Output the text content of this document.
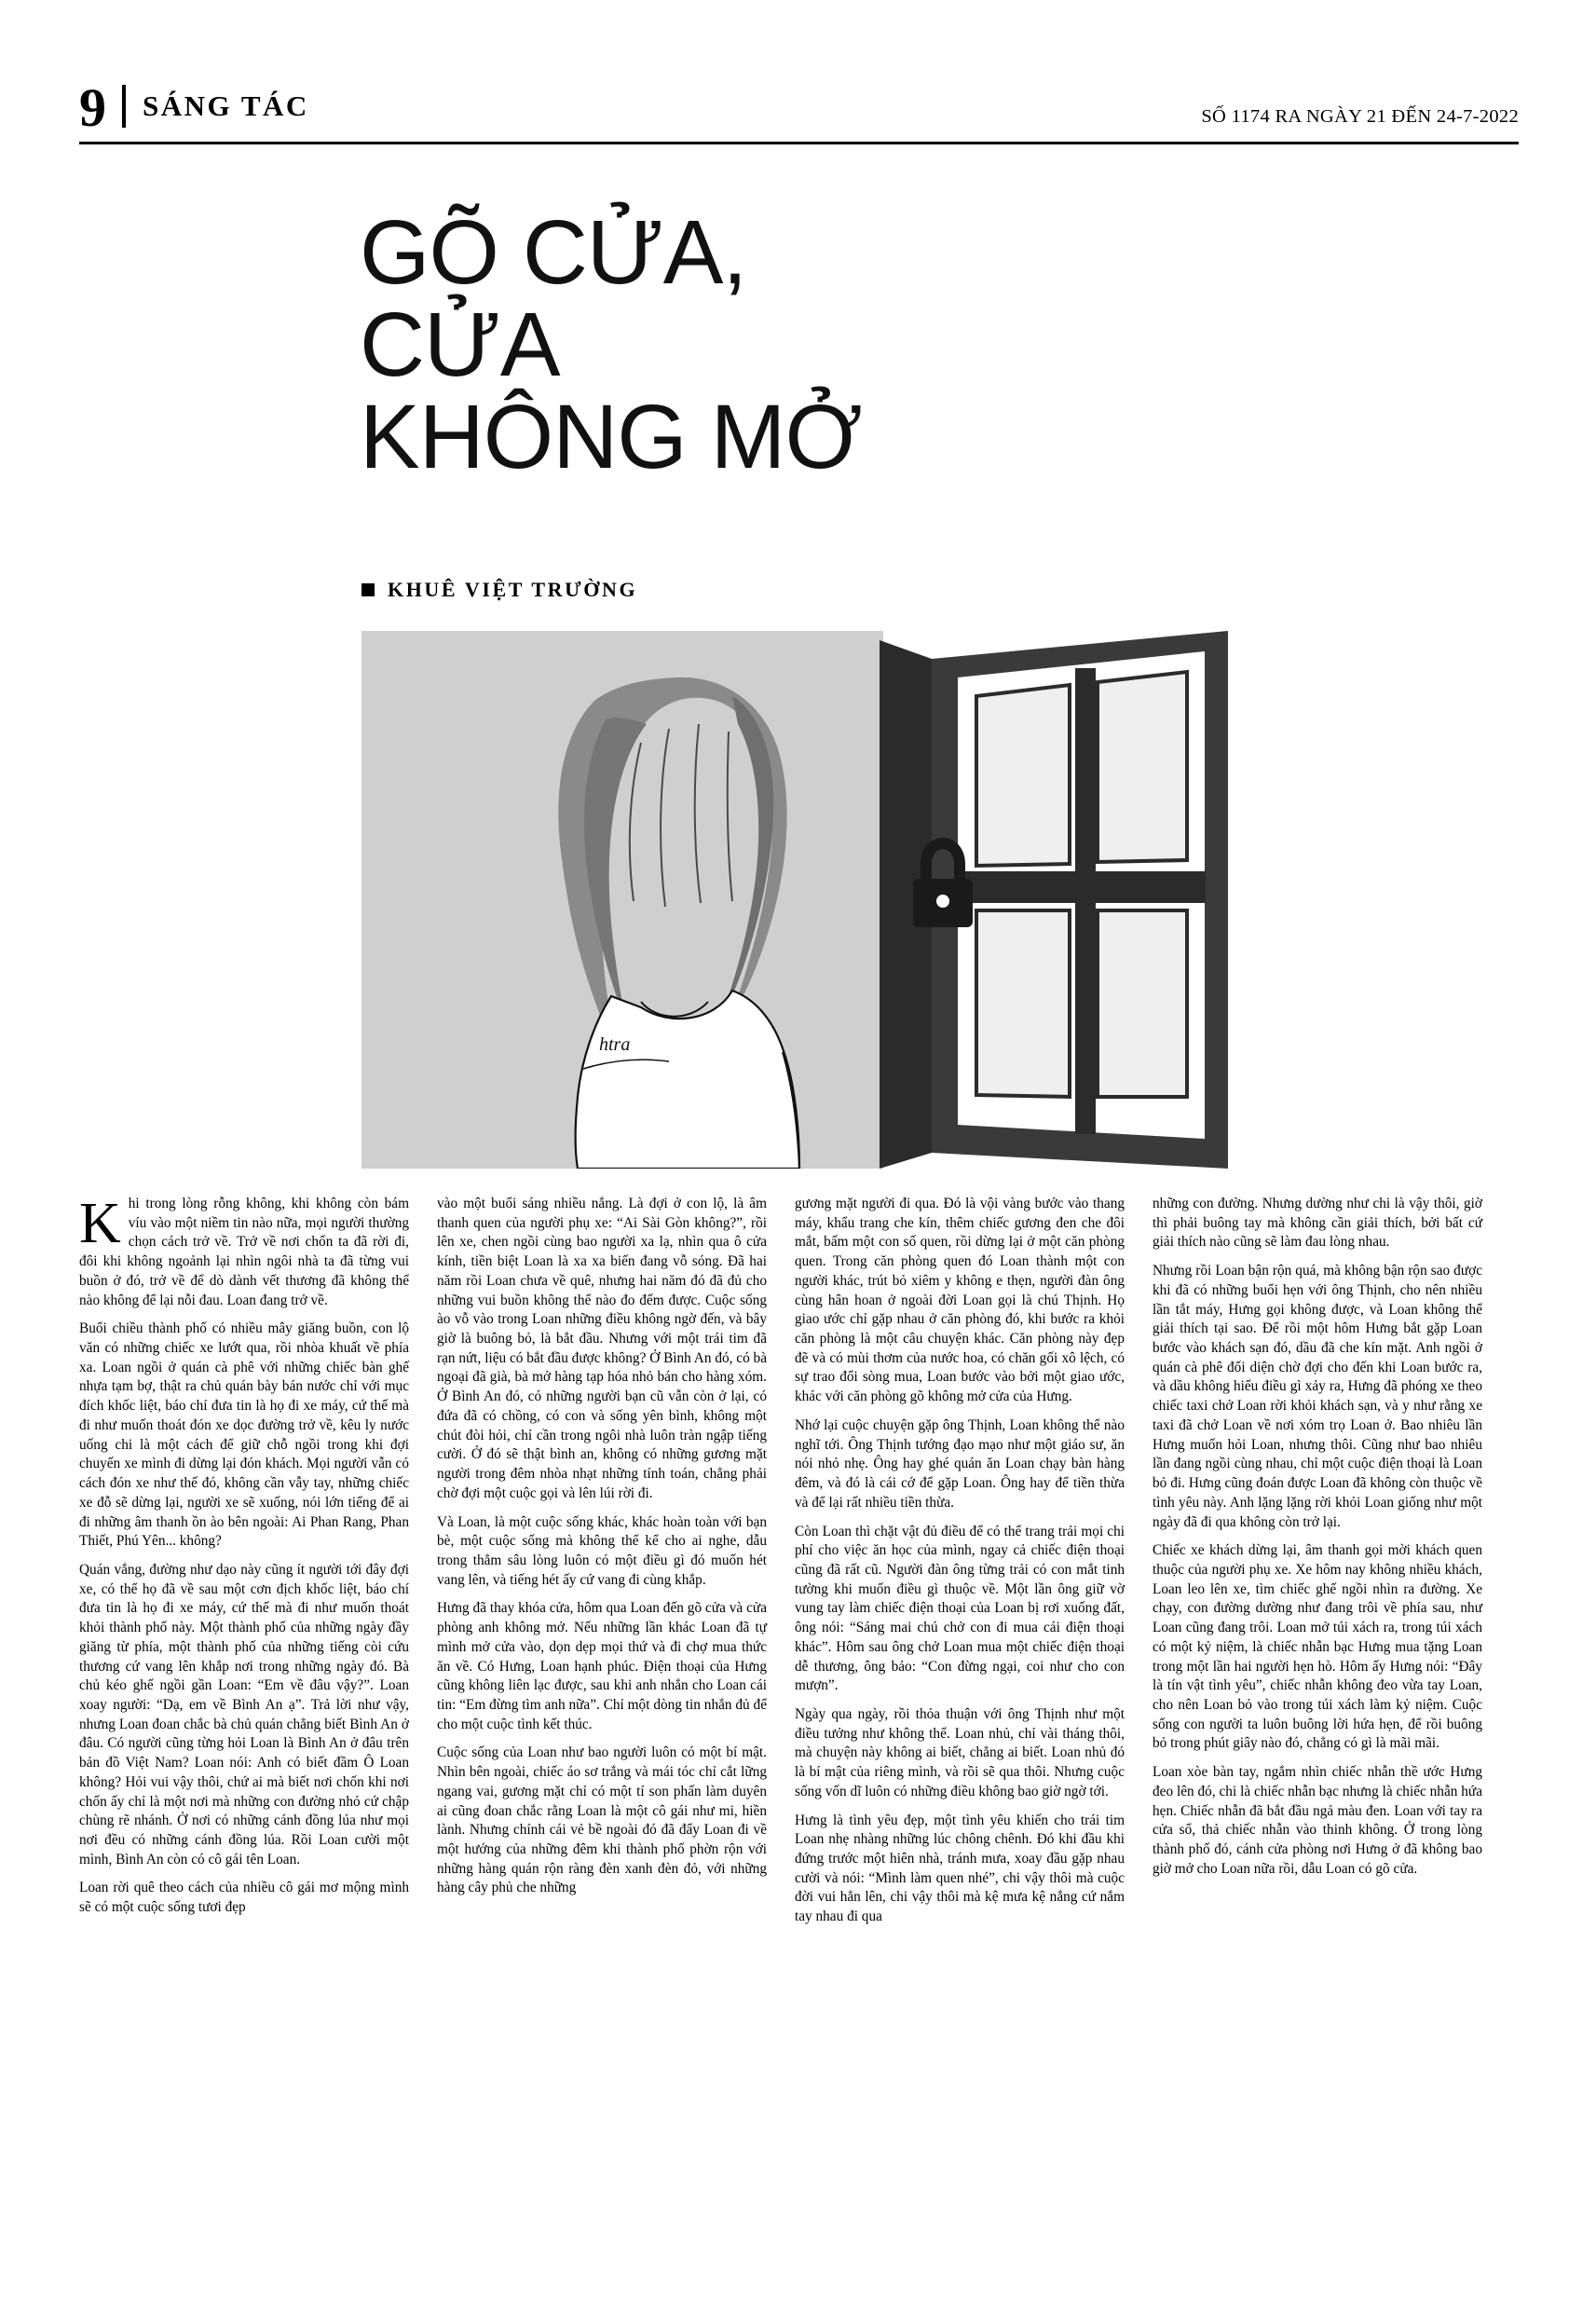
9 SÁNG TÁC	SỐ 1174 RA NGÀY 21 ĐẾN 24-7-2022
GÕ CỬA,
CỬA
KHÔNG MỞ
KHUÊ VIỆT TRƯỜNG
htra

Khi trong lòng rỗng không, khi không còn bám víu vào một niềm tin nào nữa, mọi người thường chọn cách trở về. Trở về nơi chốn ta đã rời đi, đôi khi không ngoảnh lại nhìn ngôi nhà ta đã từng vui buồn ở đó, trở về để dò dành vết thương đã không thể nào không để lại nỗi đau. Loan đang trở về.

Buổi chiều thành phố có nhiều mây giăng buồn, con lộ văn có những chiếc xe lướt qua, rồi nhòa khuất về phía xa. Loan ngồi ở quán cà phê với những chiếc bàn ghế nhựa tạm bợ, thật ra chủ quán bày bán nước chỉ với mục đích khốc liệt, báo chí đưa tin là họ đi xe máy, cứ thế mà đi như muốn thoát đón xe dọc đường trở về, kêu ly nước uống chi là một cách để giữ chỗ ngồi trong khi đợi chuyến xe mình đi dừng lại đón khách. Mọi người vẫn có cách đón xe như thế đó, không cần vẫy tay, những chiếc xe đỗ sẽ dừng lại, người xe sẽ xuống, nói lớn tiếng để ai đi những âm thanh ồn ào bên ngoài: Ai Phan Rang, Phan Thiết, Phú Yên... không?

Quán vắng, đường như dạo này cũng ít người tới đây đợi xe, có thể họ đã về sau một cơn địch khốc liệt, báo chí đưa tin là họ đi xe máy, cứ thế mà đi như muốn thoát khỏi thành phố này. Một thành phố của những ngày đầy giăng từ phía, một thành phố của những tiếng còi cứu thương cứ vang lên khắp nơi trong những ngày đó. Bà chủ kéo ghế ngồi gần Loan: “Em về đâu vậy?”. Loan xoay người: “Dạ, em về Bình An ạ”. Trả lời như vậy, nhưng Loan đoan chắc bà chủ quán chẳng biết Bình An ở đâu. Có người cũng từng hỏi Loan là Bình An ở đâu trên bản đồ Việt Nam? Loan nói: Anh có biết đầm Ô Loan không? Hỏi vui vậy thôi, chứ ai mà biết nơi chốn khi nơi chốn ấy chỉ là một nơi mà những con đường nhỏ cứ chập chùng rẽ nhánh. Ở nơi có những cánh đồng lúa như mọi nơi đều có những cánh đồng lúa. Rồi Loan cười một mình, Bình An còn có cô gái tên Loan.

Loan rời quê theo cách của nhiều cô gái mơ mộng mình sẽ có một cuộc sống tươi đẹp

vào một buổi sáng nhiều nắng. Là đợi ở con lộ, là âm thanh quen của người phụ xe: “Ai Sài Gòn không?”, rồi lên xe, chen ngồi cùng bao người xa lạ, nhìn qua ô cửa kính, tiền biệt Loan là xa xa biến đang vỗ sóng. Đã hai năm rồi Loan chưa về quê, nhưng hai năm đó đã đủ cho những vui buồn không thể nào đo đếm được. Cuộc sống ào vỗ vào trong Loan những điều không ngờ đến, và bây giờ là buông bỏ, là bắt đầu. Nhưng với một trái tim đã rạn nứt, liệu có bắt đầu được không? Ở Bình An đó, có bà ngoại đã già, bà mở hàng tạp hóa nhỏ bán cho hàng xóm. Ở Bình An đó, có những người bạn cũ vẫn còn ở lại, có đứa đã có chồng, có con và sống yên bình, không một chút đòi hỏi, chỉ cần trong ngôi nhà luôn tràn ngập tiếng cười. Ở đó sẽ thật bình an, không có những gương mặt người trong đêm nhòa nhạt những tính toán, chẳng phải chờ đợi một cuộc gọi và lên lúi rời đi.

Và Loan, là một cuộc sống khác, khác hoàn toàn với bạn bè, một cuộc sống mà không thể kể cho ai nghe, dẫu trong thẳm sâu lòng luôn có một điều gì đó muốn hét vang lên, và tiếng hét ấy cứ vang đi cùng khắp.

Hưng đã thay khóa cửa, hôm qua Loan đến gõ cửa và cửa phòng anh không mở. Nếu những lần khác Loan đã tự mình mở cửa vào, dọn dẹp mọi thứ và đi chợ mua thức ăn về. Có Hưng, Loan hạnh phúc. Điện thoại của Hưng cũng không liên lạc được, sau khi anh nhắn cho Loan cái tin: “Em đừng tìm anh nữa”. Chỉ một dòng tin nhắn đủ để cho một cuộc tình kết thúc.

Cuộc sống của Loan như bao người luôn có một bí mật. Nhìn bên ngoài, chiếc áo sơ trắng và mái tóc chỉ cắt lững ngang vai, gương mặt chỉ có một tí son phấn làm duyên ai cũng đoan chắc rằng Loan là một cô gái như mi, hiền lành. Nhưng chính cái vẻ bề ngoài đó đã đẩy Loan đi về một hướng của những đêm khi thành phố phờn rộn với những hàng quán rộn ràng đèn xanh đèn đỏ, với những hàng cây phủ che những

gương mặt người đi qua. Đó là vội vàng bước vào thang máy, khẩu trang che kín, thêm chiếc gương đen che đôi mắt, bấm một con số quen, rồi dừng lại ở một căn phòng quen. Trong căn phòng quen đó Loan thành một con người khác, trút bỏ xiêm y không e thẹn, người đàn ông cùng hân hoan ở ngoài đời Loan gọi là chú Thịnh. Họ giao ước chỉ gặp nhau ở căn phòng đó, khi bước ra khỏi căn phòng là một câu chuyện khác. Căn phòng này đẹp đẽ và có mùi thơm của nước hoa, có chăn gối xô lệch, có sự trao đổi sòng mua, Loan bước vào bởi một giao ước, khác với căn phòng gõ không mở cửa của Hưng.

Nhớ lại cuộc chuyện gặp ông Thịnh, Loan không thể nào nghĩ tới. Ông Thịnh tướng đạo mạo như một giáo sư, ăn nói nhỏ nhẹ. Ông hay ghé quán ăn Loan chạy bàn hàng đêm, và đó là cái cớ để gặp Loan. Ông hay để tiền thừa và để lại rất nhiều tiền thừa.

Còn Loan thì chặt vật đủ điều để có thể trang trải mọi chi phí cho việc ăn học của mình, ngay cả chiếc điện thoại cũng đã rất cũ. Người đàn ông từng trải có con mắt tinh tường khi muốn điều gì thuộc về. Một lần ông giữ vờ vung tay làm chiếc điện thoại của Loan bị rơi xuống đất, ông nói: “Sáng mai chú chở con đi mua cái điện thoại khác”. Hôm sau ông chở Loan mua một chiếc điện thoại dễ thương, ông bảo: “Con đừng ngại, coi như cho con mượn”.

Ngày qua ngày, rồi thỏa thuận với ông Thịnh như một điều tưởng như không thể. Loan nhủ, chỉ vài tháng thôi, mà chuyện này không ai biết, chẳng ai biết. Loan nhủ đó là bí mật của riêng mình, và rồi sẽ qua thôi. Nhưng cuộc sống vốn dĩ luôn có những điều không bao giờ ngờ tới.

Hưng là tình yêu đẹp, một tình yêu khiến cho trái tim Loan nhẹ nhàng những lúc chông chênh. Đó khi đầu khi đứng trước một hiên nhà, tránh mưa, xoay đầu gặp nhau cười và nói: “Mình làm quen nhé”, chi vậy thôi mà cuộc đời vui hẳn lên, chi vậy thôi mà kệ mưa kệ nắng cứ nắm tay nhau đi qua

những con đường. Nhưng dường như chi là vậy thôi, giờ thì phải buông tay mà không cần giải thích, bởi bất cứ giải thích nào cũng sẽ làm đau lòng nhau.

Nhưng rồi Loan bận rộn quá, mà không bận rộn sao được khi đã có những buổi hẹn với ông Thịnh, cho nên nhiều lần tắt máy, Hưng gọi không được, và Loan không thể giải thích tại sao. Để rồi một hôm Hưng bắt gặp Loan bước vào khách sạn đó, dầu đã che kín mặt. Anh ngồi ở quán cà phê đối diện chờ đợi cho đến khi Loan bước ra, và dầu không hiểu điều gì xảy ra, Hưng đã phóng xe theo chiếc taxi chở Loan rời khỏi khách sạn, và y như rằng xe taxi đã chở Loan về nơi xóm trọ Loan ở. Bao nhiêu lần Hưng muốn hỏi Loan, nhưng thôi. Cũng như bao nhiêu lần đang ngồi cùng nhau, chỉ một cuộc điện thoại là Loan bỏ đi. Hưng cũng đoán được Loan đã không còn thuộc về tình yêu này. Anh lặng lặng rời khỏi Loan giống như một ngày đã đi qua không còn trở lại.

Chiếc xe khách dừng lại, âm thanh gọi mời khách quen thuộc của người phụ xe. Xe hôm nay không nhiều khách, Loan leo lên xe, tìm chiếc ghế ngồi nhìn ra đường. Xe chạy, con đường dường như đang trôi về phía sau, như Loan cũng đang trôi. Loan mở túi xách ra, trong túi xách có một kỷ niệm, là chiếc nhẫn bạc Hưng mua tặng Loan trong một lần hai người hẹn hò. Hôm ấy Hưng nói: “Đây là tín vật tình yêu”, chiếc nhẫn không đeo vừa tay Loan, cho nên Loan bỏ vào trong túi xách làm kỷ niệm. Cuộc sống con người ta luôn buông lời hứa hẹn, để rồi buông bỏ trong phút giây nào đó, chẳng có gì là mãi mãi.

Loan xòe bàn tay, ngắm nhìn chiếc nhẫn thề ước Hưng đeo lên đó, chi là chiếc nhẫn bạc nhưng là chiếc nhẫn hứa hẹn. Chiếc nhẫn đã bắt đầu ngả màu đen. Loan với tay ra cửa sổ, thả chiếc nhẫn vào thinh không. Ở trong lòng thành phố đó, cánh cửa phòng nơi Hưng ở đã không bao giờ mở cho Loan nữa rồi, dẫu Loan có gõ cửa.
